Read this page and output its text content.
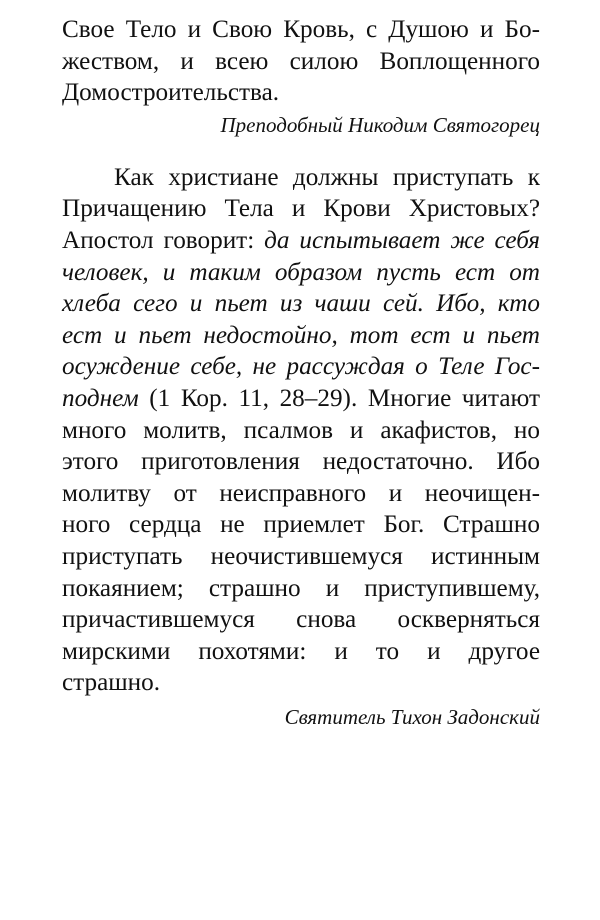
Свое Тело и Свою Кровь, с Душою и Бо-
жеством, и всею силою Воплощенного
Домостроительства.

Преподобный Никодим Святогорец

Как христиане должны приступать к
Причащению Тела и Крови Христовых?
Апостол говорит: да испытывает же себя
человек, и таким образом пусть ест от
хлеба сего и пьет из чаши сей. Ибо, кто
ест и пьет недостойно, тот ест и пьет
осуждение себе, не рассуждая о Теле Гос-
поднем (1 Кор. 11, 28–29). Многие читают
много молитв, псалмов и акафистов, но
этого приготовления недостаточно. Ибо
молитву от неисправного и неочищен-
ного сердца не приемлет Бог. Страшно
приступать неочистившемуся истинным
покаянием; страшно и приступившему,
причастившемуся снова оскверняться
мирскими похотями: и то и другое
страшно.

Святитель Тихон Задонский
